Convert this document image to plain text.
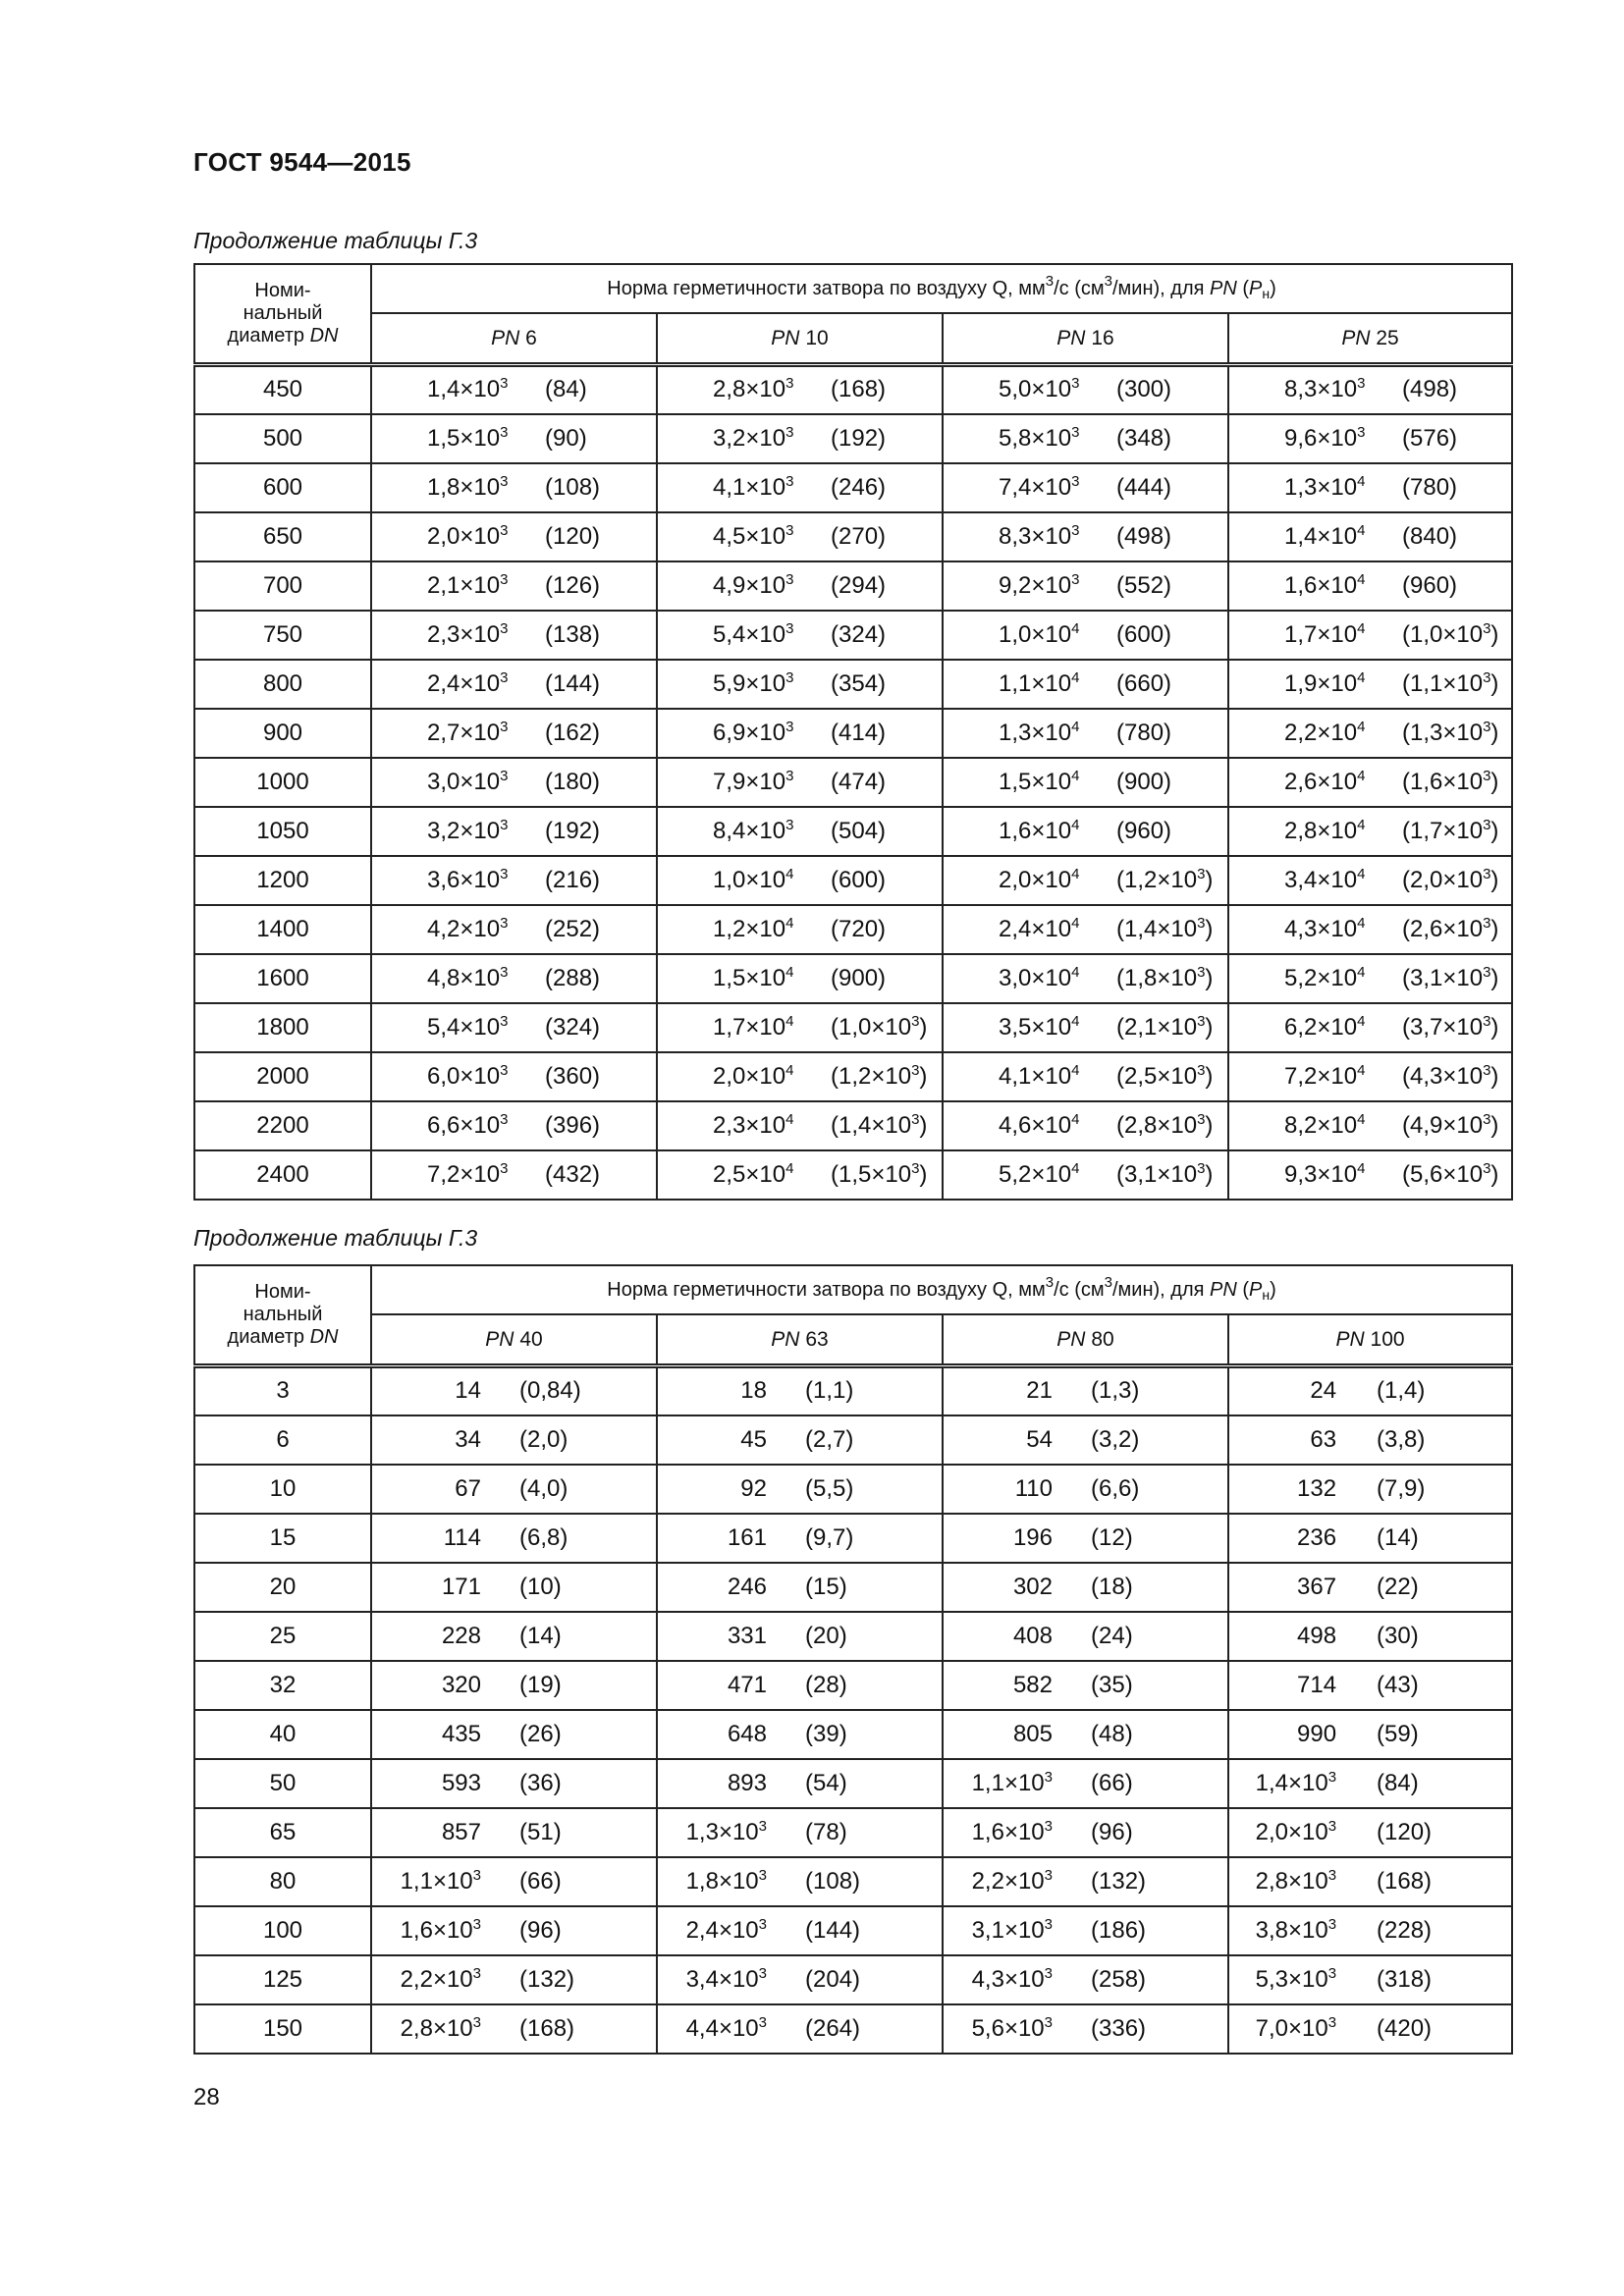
ГОСТ 9544—2015
Продолжение таблицы Г.3
Номи-
нальный
диаметр DN	Норма герметичности затвора по воздуху Q, $мм^3/с$ $(см^3/мин)$, для PN $(P_н)$			
	PN 6	PN 10	PN 16	PN 25
450	$1,4\times 10^3$ (84)	$2,8\times 10^3$ (168)	$5,0\times 10^3$ (300)	$8,3\times 10^3$ (498)

500	$1,5\times 10^3$ (90)	$3,2\times 10^3$ (192)	$5,8\times 10^3$ (348)	$9,6\times 10^3$ (576)

600	$1,8\times 10^3$ (108)	$4,1\times 10^3$ (246)	$7,4\times 10^3$ (444)	$1,3\times 10^4$ (780)

650	$2,0\times 10^3$ (120)	$4,5\times 10^3$ (270)	$8,3\times 10^3$ (498)	$1,4\times 10^4$ (840)

700	$2,1\times 10^3$ (126)	$4,9\times 10^3$ (294)	$9,2\times 10^3$ (552)	$1,6\times 10^4$ (960)

750	$2,3\times 10^3$ (138)	$5,4\times 10^3$ (324)	$1,0\times 10^4$ (600)	$1,7\times 10^4$ $(1,0\times 10^3)$

800	$2,4\times 10^3$ (144)	$5,9\times 10^3$ (354)	$1,1\times 10^4$ (660)	$1,9\times 10^4$ $(1,1\times 10^3)$

900	$2,7\times 10^3$ (162)	$6,9\times 10^3$ (414)	$1,3\times 10^4$ (780)	$2,2\times 10^4$ $(1,3\times 10^3)$

1000	$3,0\times 10^3$ (180)	$7,9\times 10^3$ (474)	$1,5\times 10^4$ (900)	$2,6\times 10^4$ $(1,6\times 10^3)$

1050	$3,2\times 10^3$ (192)	$8,4\times 10^3$ (504)	$1,6\times 10^4$ (960)	$2,8\times 10^4$ $(1,7\times 10^3)$

1200	$3,6\times 10^3$ (216)	$1,0\times 10^4$ (600)	$2,0\times 10^4$ $(1,2\times 10^3)$	$3,4\times 10^4$ $(2,0\times 10^3)$

1400	$4,2\times 10^3$ (252)	$1,2\times 10^4$ (720)	$2,4\times 10^4$ $(1,4\times 10^3)$	$4,3\times 10^4$ $(2,6\times 10^3)$

1600	$4,8\times 10^3$ (288)	$1,5\times 10^4$ (900)	$3,0\times 10^4$ $(1,8\times 10^3)$	$5,2\times 10^4$ $(3,1\times 10^3)$

1800	$5,4\times 10^3$ (324)	$1,7\times 10^4$ $(1,0\times 10^3)$	$3,5\times 10^4$ $(2,1\times 10^3)$	$6,2\times 10^4$ $(3,7\times 10^3)$

2000	$6,0\times 10^3$ (360)	$2,0\times 10^4$ $(1,2\times 10^3)$	$4,1\times 10^4$ $(2,5\times 10^3)$	$7,2\times 10^4$ $(4,3\times 10^3)$

2200	$6,6\times 10^3$ (396)	$2,3\times 10^4$ $(1,4\times 10^3)$	$4,6\times 10^4$ $(2,8\times 10^3)$	$8,2\times 10^4$ $(4,9\times 10^3)$

2400	$7,2\times 10^3$ (432)	$2,5\times 10^4$ $(1,5\times 10^3)$	$5,2\times 10^4$ $(3,1\times 10^3)$	$9,3\times 10^4$ $(5,6\times 10^3)$
Продолжение таблицы Г.3
Номи-
нальный
диаметр DN	Норма герметичности затвора по воздуху Q, $мм^3/с$ $(см^3/мин)$, для PN $(P_н)$			
	PN 40	PN 63	PN 80	PN 100
3	14 (0,84)	18 (1,1)	21 (1,3)	24 (1,4)

6	34 (2,0)	45 (2,7)	54 (3,2)	63 (3,8)

10	67 (4,0)	92 (5,5)	110 (6,6)	132 (7,9)

15	114 (6,8)	161 (9,7)	196 (12)	236 (14)

20	171 (10)	246 (15)	302 (18)	367 (22)

25	228 (14)	331 (20)	408 (24)	498 (30)

32	320 (19)	471 (28)	582 (35)	714 (43)

40	435 (26)	648 (39)	805 (48)	990 (59)

50	593 (36)	893 (54)	$1,1\times 10^3$ (66)	$1,4\times 10^3$ (84)

65	857 (51)	$1,3\times 10^3$ (78)	$1,6\times 10^3$ (96)	$2,0\times 10^3$ (120)

80	$1,1\times 10^3$ (66)	$1,8\times 10^3$ (108)	$2,2\times 10^3$ (132)	$2,8\times 10^3$ (168)

100	$1,6\times 10^3$ (96)	$2,4\times 10^3$ (144)	$3,1\times 10^3$ (186)	$3,8\times 10^3$ (228)

125	$2,2\times 10^3$ (132)	$3,4\times 10^3$ (204)	$4,3\times 10^3$ (258)	$5,3\times 10^3$ (318)

150	$2,8\times 10^3$ (168)	$4,4\times 10^3$ (264)	$5,6\times 10^3$ (336)	$7,0\times 10^3$ (420)
28
